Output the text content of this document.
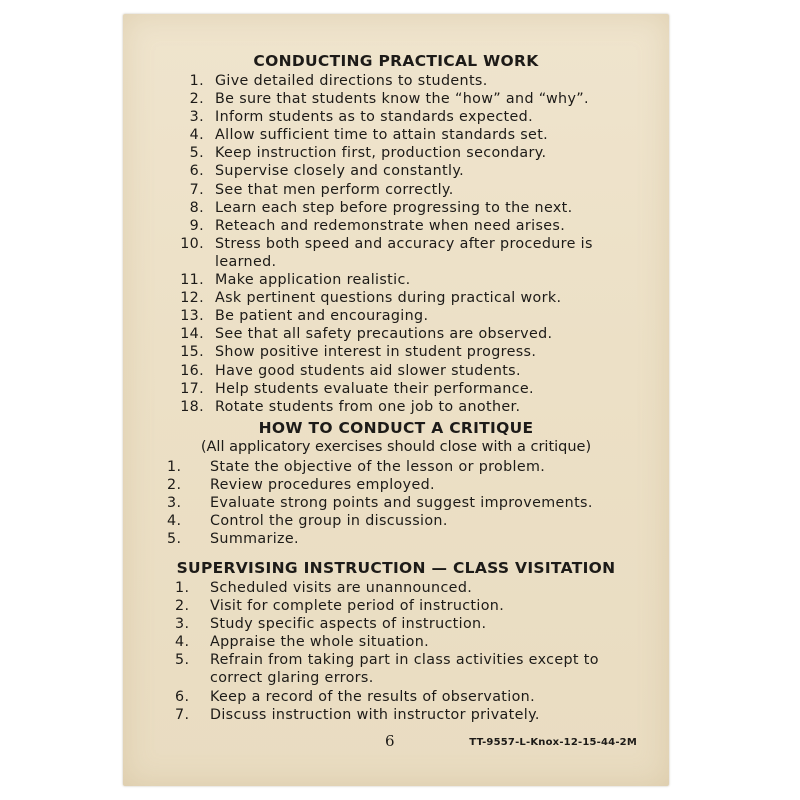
CONDUCTING PRACTICAL WORK
1. Give detailed directions to students.
2. Be sure that students know the “how” and “why”.
3. Inform students as to standards expected.
4. Allow sufficient time to attain standards set.
5. Keep instruction first, production secondary.
6. Supervise closely and constantly.
7. See that men perform correctly.
8. Learn each step before progressing to the next.
9. Reteach and redemonstrate when need arises.
10. Stress both speed and accuracy after procedure is learned.
11. Make application realistic.
12. Ask pertinent questions during practical work.
13. Be patient and encouraging.
14. See that all safety precautions are observed.
15. Show positive interest in student progress.
16. Have good students aid slower students.
17. Help students evaluate their performance.
18. Rotate students from one job to another.
HOW TO CONDUCT A CRITIQUE

(All applicatory exercises should close with a critique)

1.	State the objective of the lesson or problem.
2.	Review procedures employed.
3.	Evaluate strong points and suggest improvements.
4.	Control the group in discussion.
5.	Summarize.
SUPERVISING INSTRUCTION — CLASS VISITATION
1.	Scheduled visits are unannounced.
2.	Visit for complete period of instruction.
3.	Study specific aspects of instruction.
4.	Appraise the whole situation.
5.	Refrain from taking part in class activities except to correct glaring errors.
6.	Keep a record of the results of observation.
7.	Discuss instruction with instructor privately.
6	TT-9557-L-Knox-12-15-44-2M
